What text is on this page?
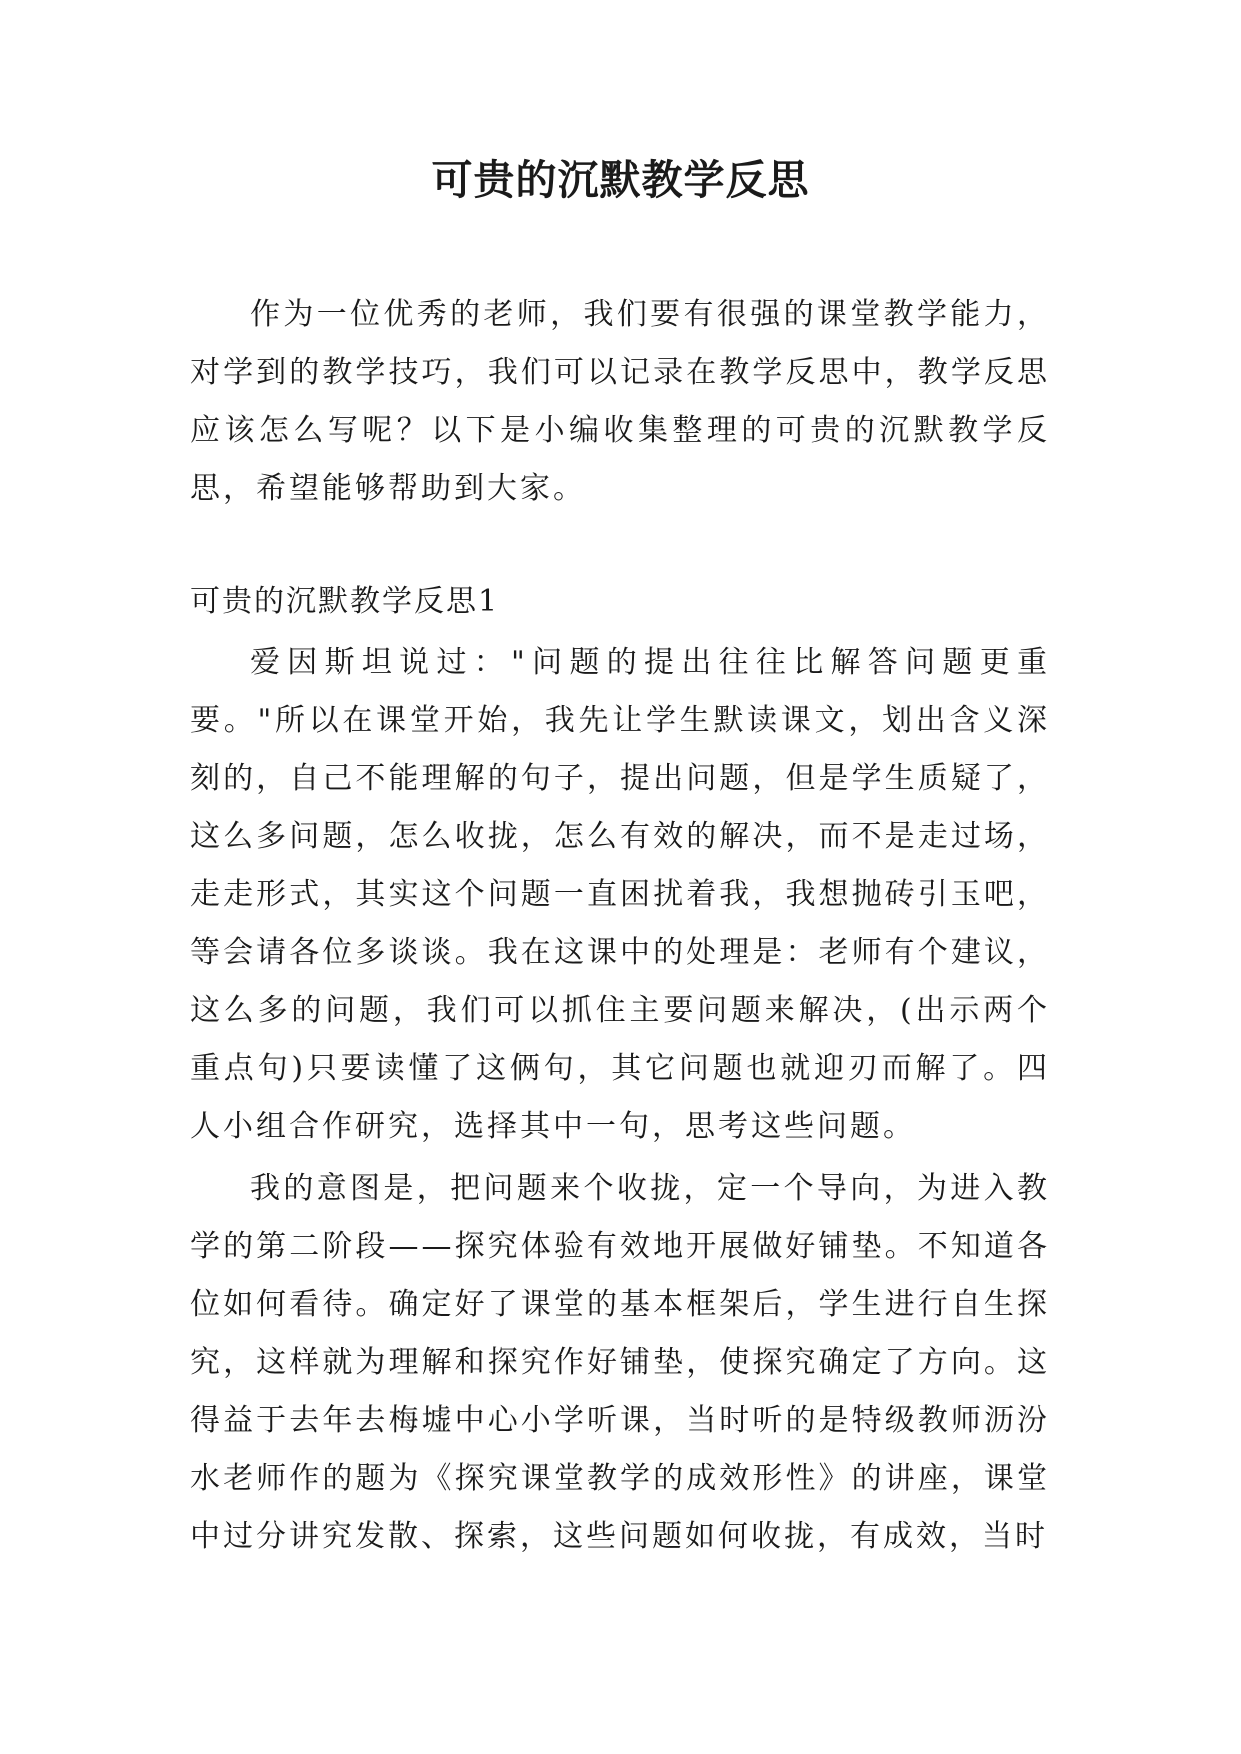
可贵的沉默教学反思

作为一位优秀的老师，我们要有很强的课堂教学能力，对学到的教学技巧，我们可以记录在教学反思中，教学反思应该怎么写呢？以下是小编收集整理的可贵的沉默教学反思，希望能够帮助到大家。

可贵的沉默教学反思1

爱因斯坦说过："问题的提出往往比解答问题更重要。"所以在课堂开始，我先让学生默读课文，划出含义深刻的，自己不能理解的句子，提出问题，但是学生质疑了，这么多问题，怎么收拢，怎么有效的解决，而不是走过场，走走形式，其实这个问题一直困扰着我，我想抛砖引玉吧，等会请各位多谈谈。我在这课中的处理是：老师有个建议，这么多的问题，我们可以抓住主要问题来解决，(出示两个重点句)只要读懂了这俩句，其它问题也就迎刃而解了。四人小组合作研究，选择其中一句，思考这些问题。

我的意图是，把问题来个收拢，定一个导向，为进入教学的第二阶段——探究体验有效地开展做好铺垫。不知道各位如何看待。确定好了课堂的基本框架后，学生进行自生探究，这样就为理解和探究作好铺垫，使探究确定了方向。这得益于去年去梅墟中心小学听课，当时听的是特级教师沥汾水老师作的题为《探究课堂教学的成效形性》的讲座，课堂中过分讲究发散、探索，这些问题如何收拢，有成效，当时
